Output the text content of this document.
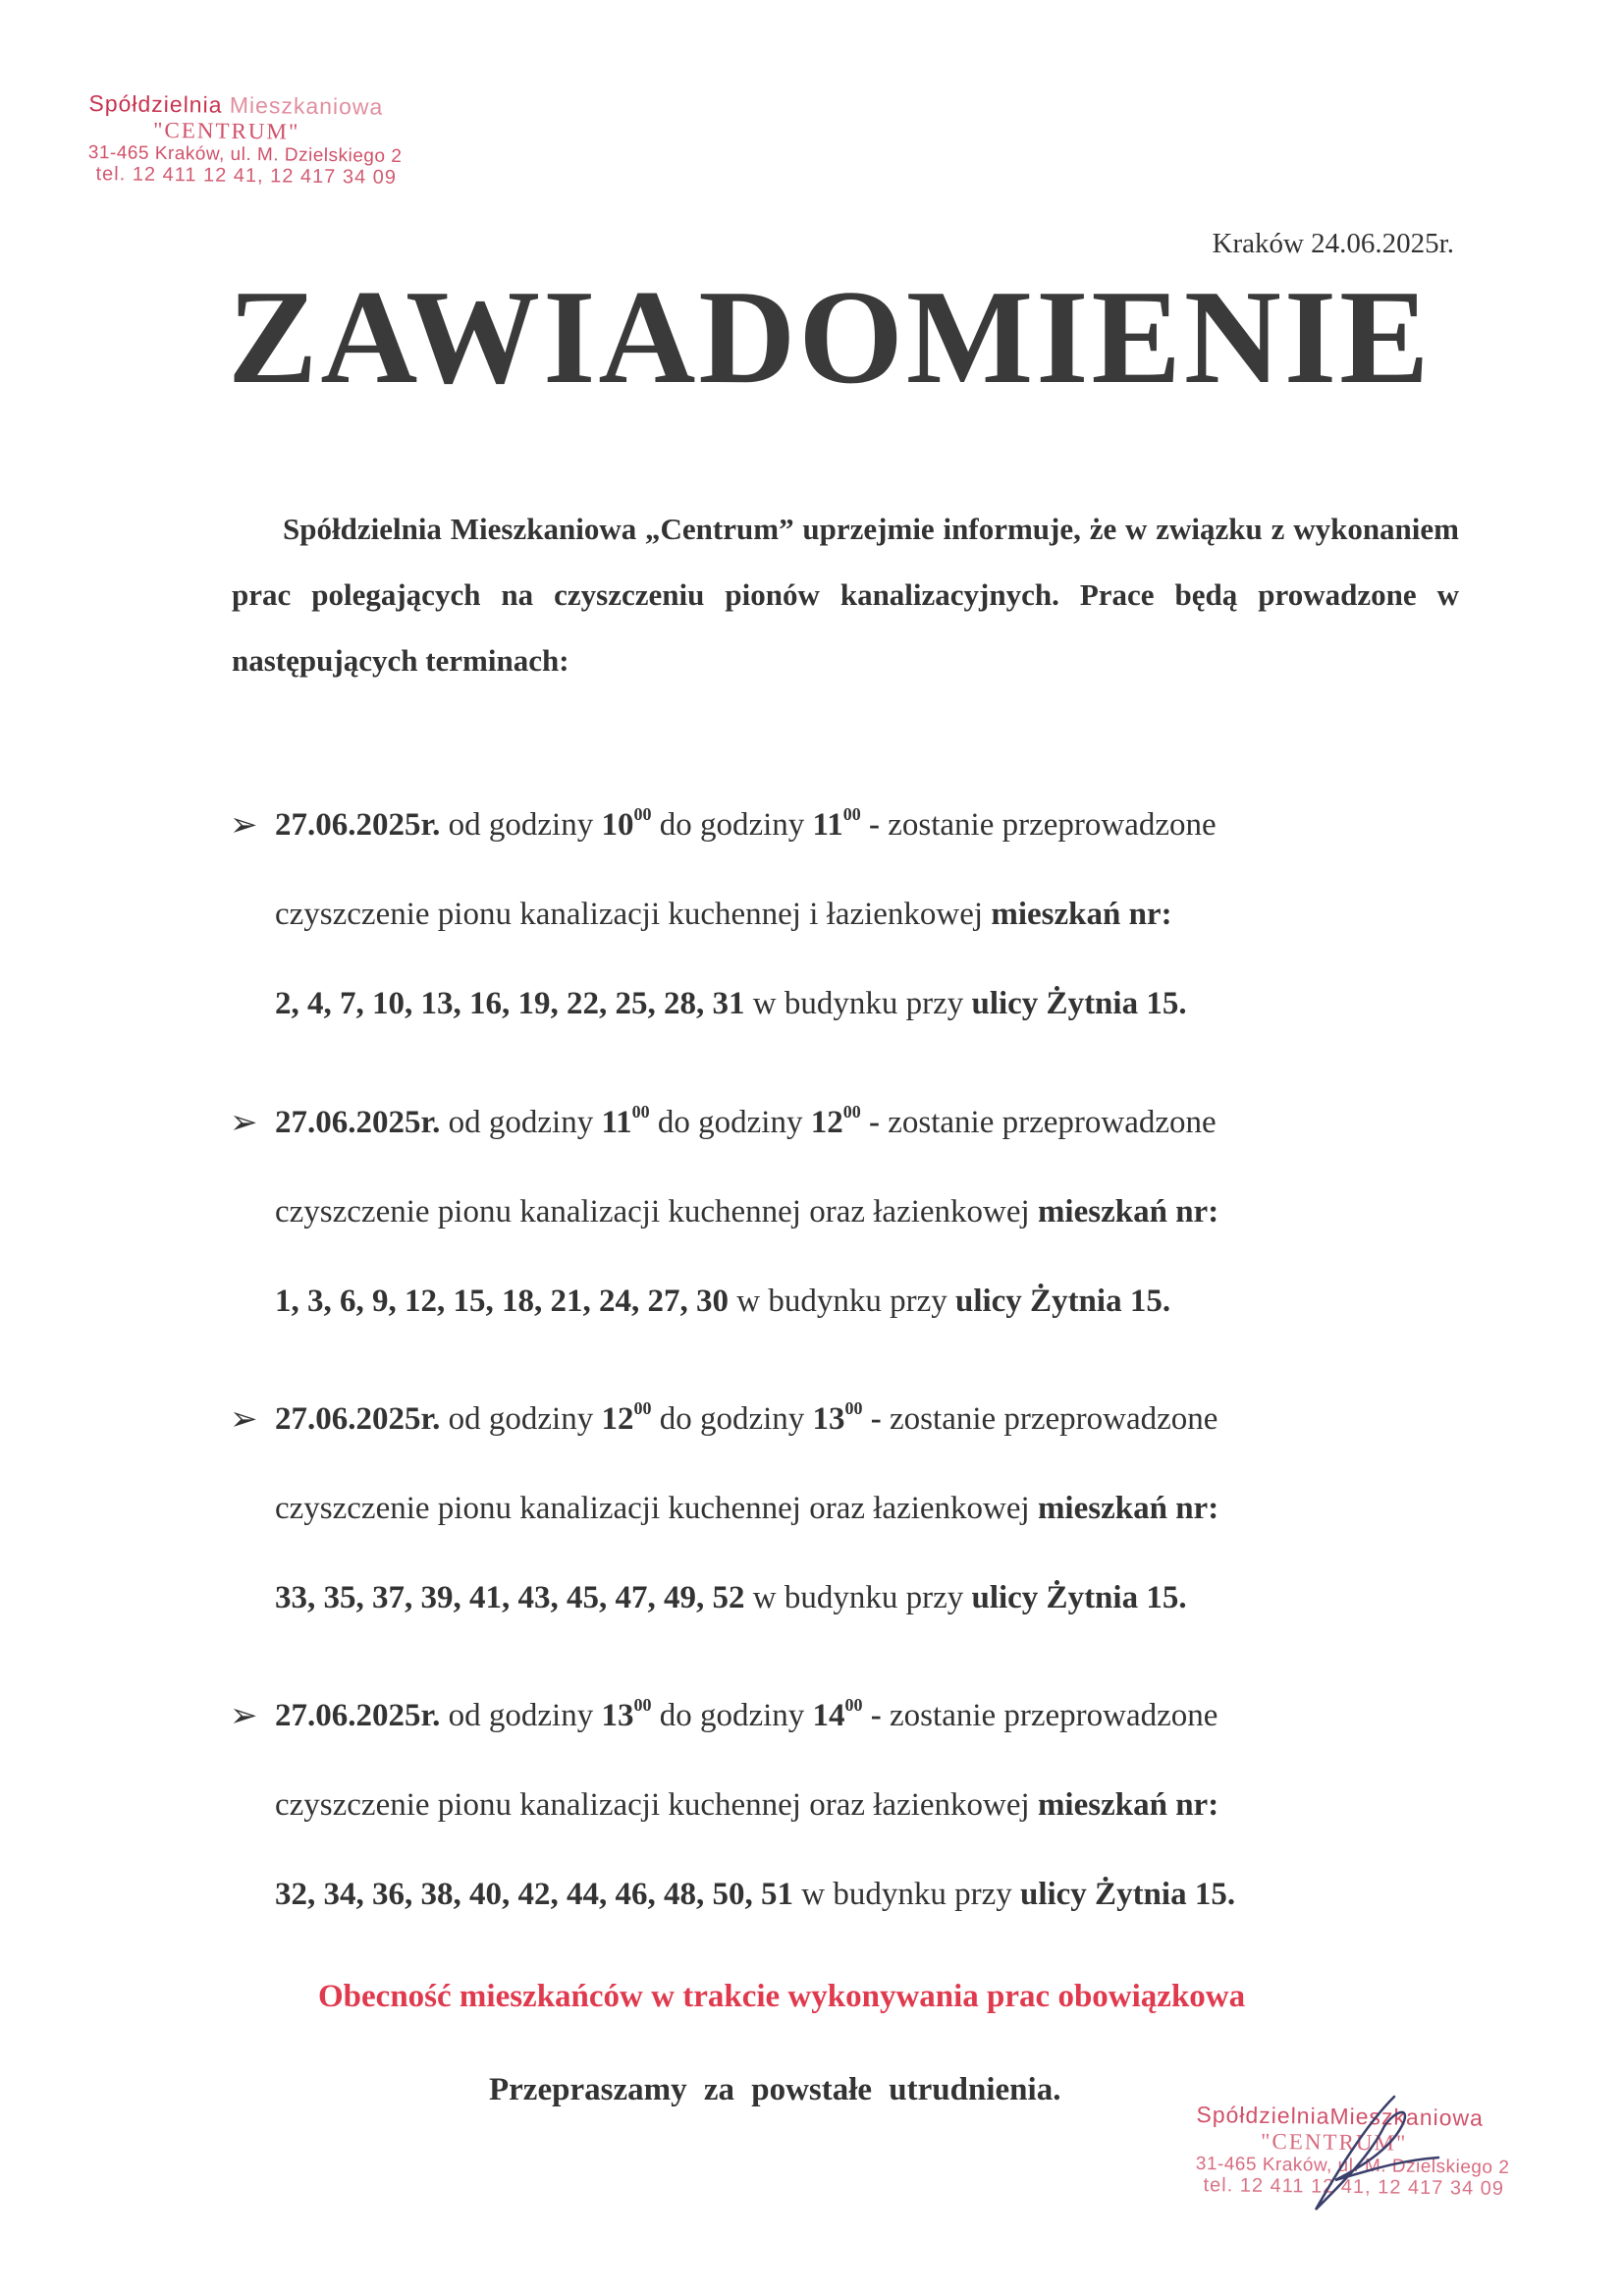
Spółdzielnia Mieszkaniowa
"CENTRUM"
31-465 Kraków, ul. M. Dzielskiego 2
tel. 12 411 12 41, 12 417 34 09
Kraków 24.06.2025r.
ZAWIADOMIENIE

Spółdzielnia Mieszkaniowa „Centrum” uprzejmie informuje, że w związku z wykonaniem prac polegających na czyszczeniu pionów kanalizacyjnych. Prace będą prowadzone w następujących terminach:

➢ 27.06.2025r. od godziny $10^{00}$ do godziny $11^{00}$ - zostanie przeprowadzone
czyszczenie pionu kanalizacji kuchennej i łazienkowej mieszkań nr:
2, 4, 7, 10, 13, 16, 19, 22, 25, 28, 31 w budynku przy ulicy Żytnia 15.
➢ 27.06.2025r. od godziny $11^{00}$ do godziny $12^{00}$ - zostanie przeprowadzone
czyszczenie pionu kanalizacji kuchennej oraz łazienkowej mieszkań nr:
1, 3, 6, 9, 12, 15, 18, 21, 24, 27, 30 w budynku przy ulicy Żytnia 15.
➢ 27.06.2025r. od godziny $12^{00}$ do godziny $13^{00}$ - zostanie przeprowadzone
czyszczenie pionu kanalizacji kuchennej oraz łazienkowej mieszkań nr:
33, 35, 37, 39, 41, 43, 45, 47, 49, 52 w budynku przy ulicy Żytnia 15.
➢ 27.06.2025r. od godziny $13^{00}$ do godziny $14^{00}$ - zostanie przeprowadzone
czyszczenie pionu kanalizacji kuchennej oraz łazienkowej mieszkań nr:
32, 34, 36, 38, 40, 42, 44, 46, 48, 50, 51 w budynku przy ulicy Żytnia 15.

Obecność mieszkańców w trakcie wykonywania prac obowiązkowa

Przepraszamy za powstałe utrudnienia.

SpółdzielniaMieszkaniowa
"CENTRUM"
31-465 Kraków, ul. M. Dzielskiego 2
tel. 12 411 12 41, 12 417 34 09
